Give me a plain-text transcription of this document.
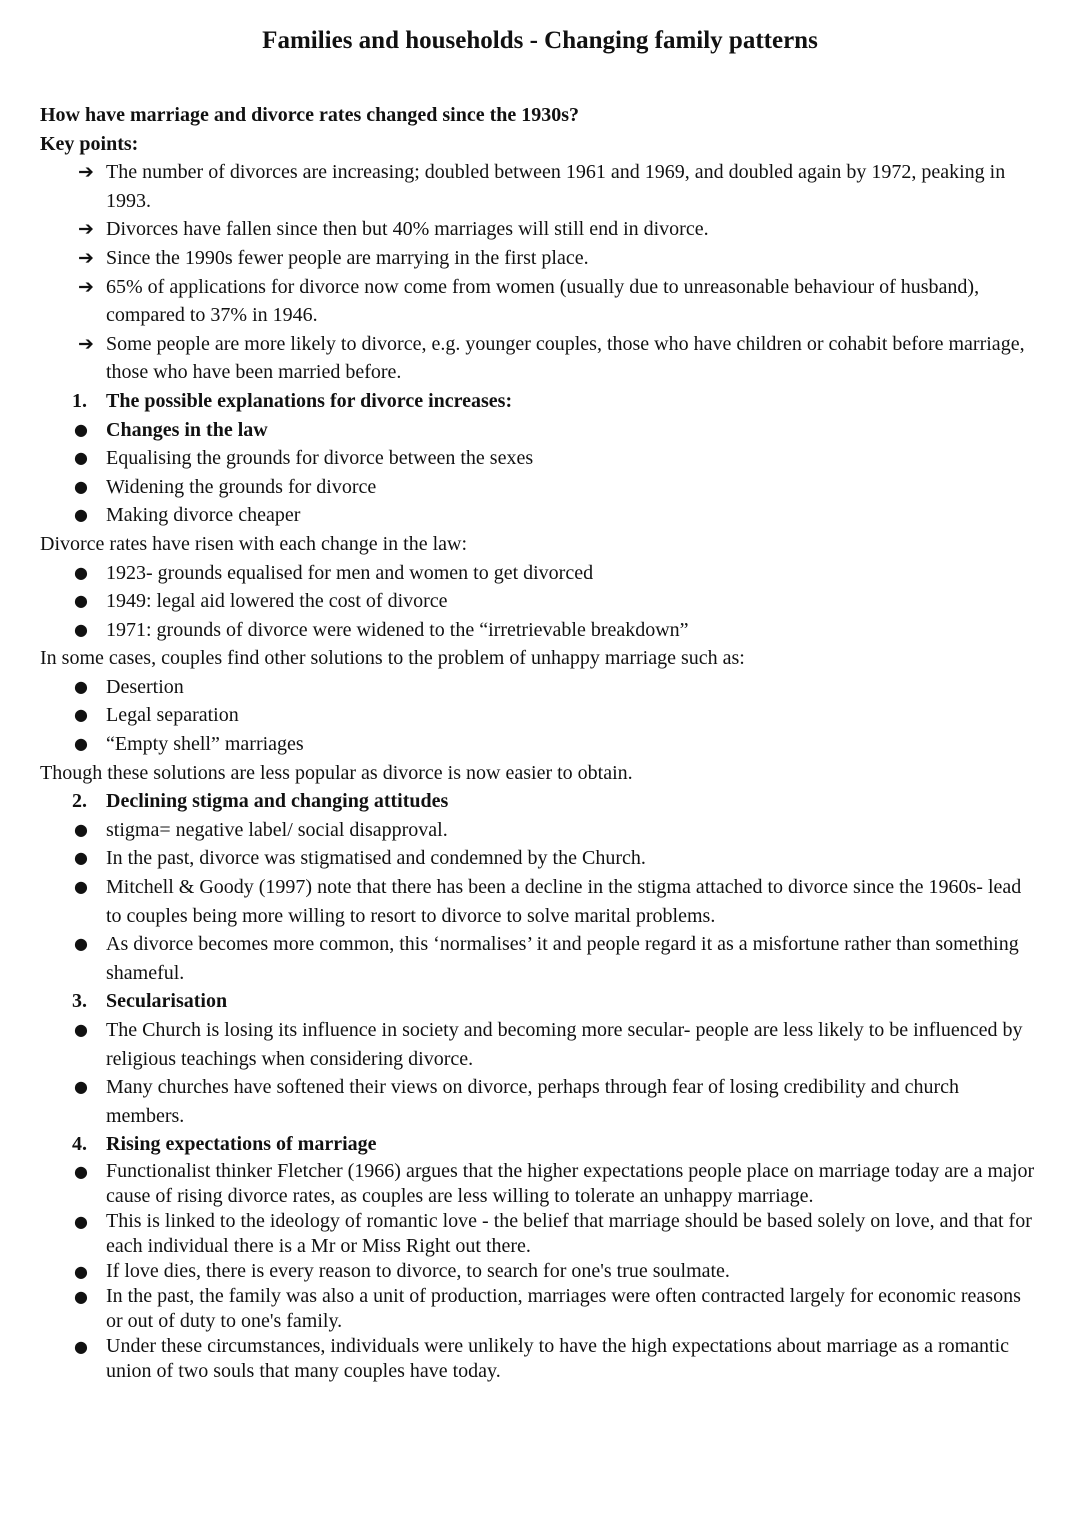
Families and households - Changing family patterns

How have marriage and divorce rates changed since the 1930s?

Key points:

➔ The number of divorces are increasing; doubled between 1961 and 1969, and doubled again by 1972, peaking in 1993.
➔ Divorces have fallen since then but 40% marriages will still end in divorce.
➔ Since the 1990s fewer people are marrying in the first place.
➔ 65% of applications for divorce now come from women (usually due to unreasonable behaviour of husband), compared to 37% in 1946.
➔ Some people are more likely to divorce, e.g. younger couples, those who have children or cohabit before marriage, those who have been married before.
1. The possible explanations for divorce increases:
● Changes in the law
● Equalising the grounds for divorce between the sexes
● Widening the grounds for divorce
● Making divorce cheaper

Divorce rates have risen with each change in the law:

● 1923- grounds equalised for men and women to get divorced
● 1949: legal aid lowered the cost of divorce
● 1971: grounds of divorce were widened to the “irretrievable breakdown”

In some cases, couples find other solutions to the problem of unhappy marriage such as:

● Desertion
● Legal separation
● “Empty shell” marriages

Though these solutions are less popular as divorce is now easier to obtain.

2. Declining stigma and changing attitudes
● stigma= negative label/ social disapproval.
● In the past, divorce was stigmatised and condemned by the Church.
● Mitchell & Goody (1997) note that there has been a decline in the stigma attached to divorce since the 1960s- lead to couples being more willing to resort to divorce to solve marital problems.
● As divorce becomes more common, this ‘normalises’ it and people regard it as a misfortune rather than something shameful.
3. Secularisation
● The Church is losing its influence in society and becoming more secular- people are less likely to be influenced by religious teachings when considering divorce.
● Many churches have softened their views on divorce, perhaps through fear of losing credibility and church members.
4. Rising expectations of marriage
● Functionalist thinker Fletcher (1966) argues that the higher expectations people place on marriage today are a major cause of rising divorce rates, as couples are less willing to tolerate an unhappy marriage.
● This is linked to the ideology of romantic love - the belief that marriage should be based solely on love, and that for each individual there is a Mr or Miss Right out there.
● If love dies, there is every reason to divorce, to search for one's true soulmate.
● In the past, the family was also a unit of production, marriages were often contracted largely for economic reasons or out of duty to one's family.
● Under these circumstances, individuals were unlikely to have the high expectations about marriage as a romantic union of two souls that many couples have today.
